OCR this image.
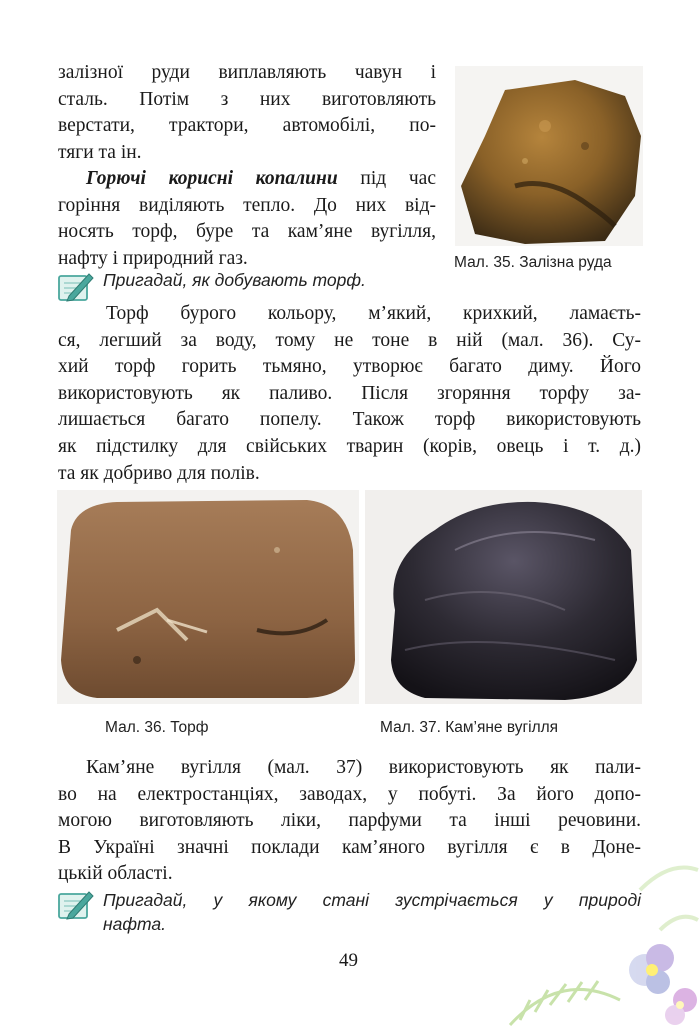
залізної руди виплавляють чавун і
сталь. Потім з них виготовляють
верстати, трактори, автомобілі, по-
тяги та ін.
Горючі корисні копалини під час
горіння виділяють тепло. До них від-
носять торф, буре та кам’яне вугілля,
нафту і природний газ.	Мал. 35. Залізна руда
Пригадай, як добувають торф.
Торф бурого кольору, м’який, крихкий, ламаєть-
ся, легший за воду, тому не тоне в ній (мал. 36). Су-
хий торф горить тьмяно, утворює багато диму. Його
використовують як паливо. Після згоряння торфу за-
лишається багато попелу. Також торф використовують
як підстилку для свійських тварин (корів, овець і т. д.)
та як добриво для полів.
Мал. 36. Торф	Мал. 37. Кам’яне вугілля
Кам’яне вугілля (мал. 37) використовують як пали-
во на електростанціях, заводах, у побуті. За його допо-
могою виготовляють ліки, парфуми та інші речовини.
В Україні значні поклади кам’яного вугілля є в Доне-
цькій області.
Пригадай, у якому стані зустрічається у природі
нафта.
49
